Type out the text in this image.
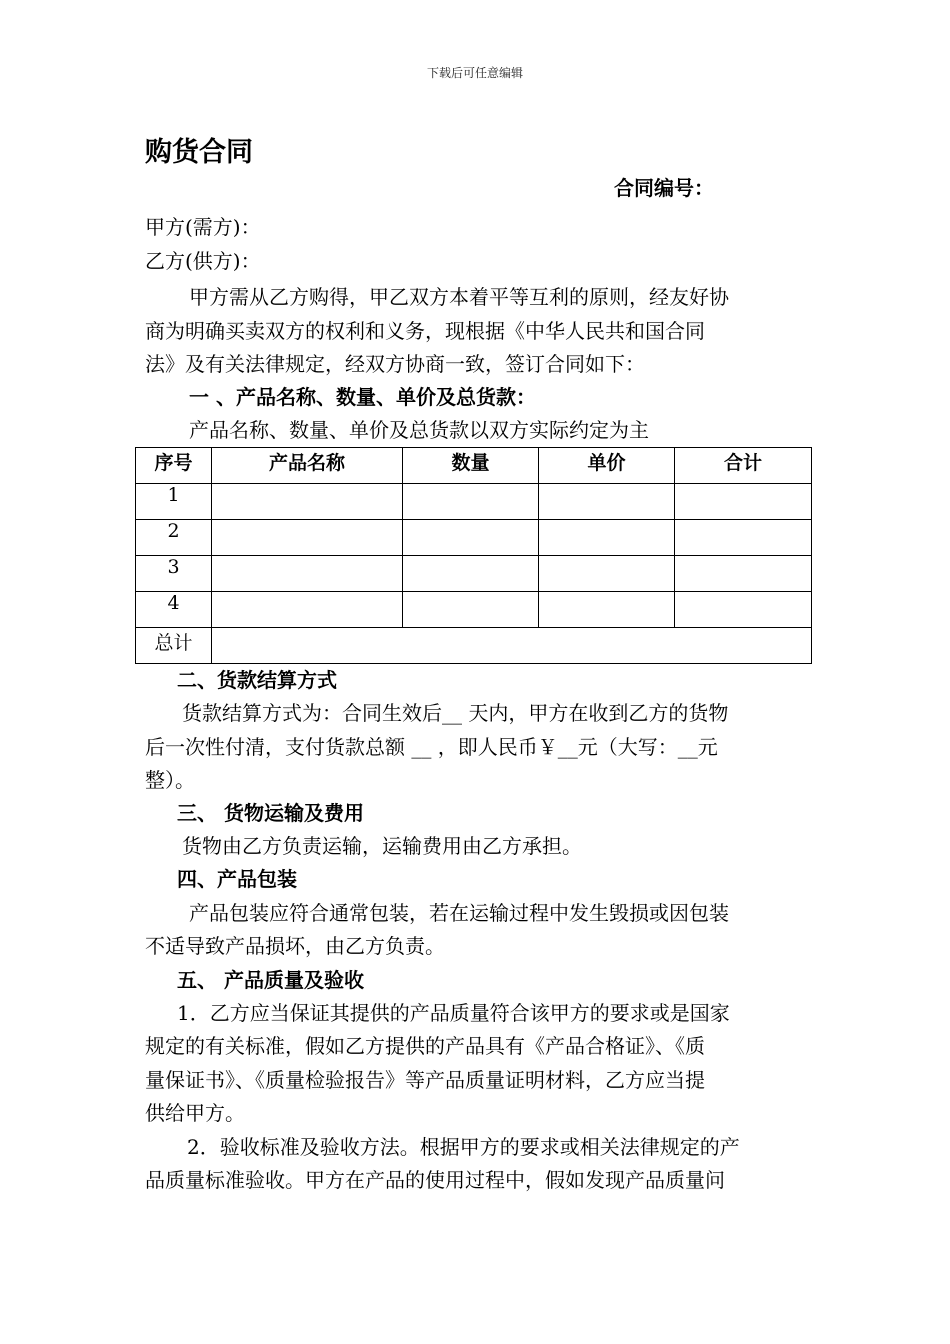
下载后可任意编辑
购货合同
合同编号：
甲方(需方)：
乙方(供方)：
甲方需从乙方购得，甲乙双方本着平等互利的原则，经友好协
商为明确买卖双方的权利和义务，现根据《中华人民共和国合同
法》及有关法律规定，经双方协商一致，签订合同如下：
一 、产品名称、数量、单价及总货款：
产品名称、数量、单价及总货款以双方实际约定为主
序号	产品名称	数量	单价	合计
1				
2				
3				
4				
总计				
二、货款结算方式
货款结算方式为：合同生效后__ 天内，甲方在收到乙方的货物
后一次性付清，支付货款总额 __ ，即人民币￥__元（大写：__元
整）。
三、 货物运输及费用
货物由乙方负责运输，运输费用由乙方承担。
四、产品包装
产品包装应符合通常包装，若在运输过程中发生毁损或因包装
不适导致产品损坏，由乙方负责。
五、 产品质量及验收
1．乙方应当保证其提供的产品质量符合该甲方的要求或是国家
规定的有关标准，假如乙方提供的产品具有《产品合格证》、《质
量保证书》、《质量检验报告》等产品质量证明材料，乙方应当提
供给甲方。
2．验收标准及验收方法。根据甲方的要求或相关法律规定的产
品质量标准验收。甲方在产品的使用过程中，假如发现产品质量问
